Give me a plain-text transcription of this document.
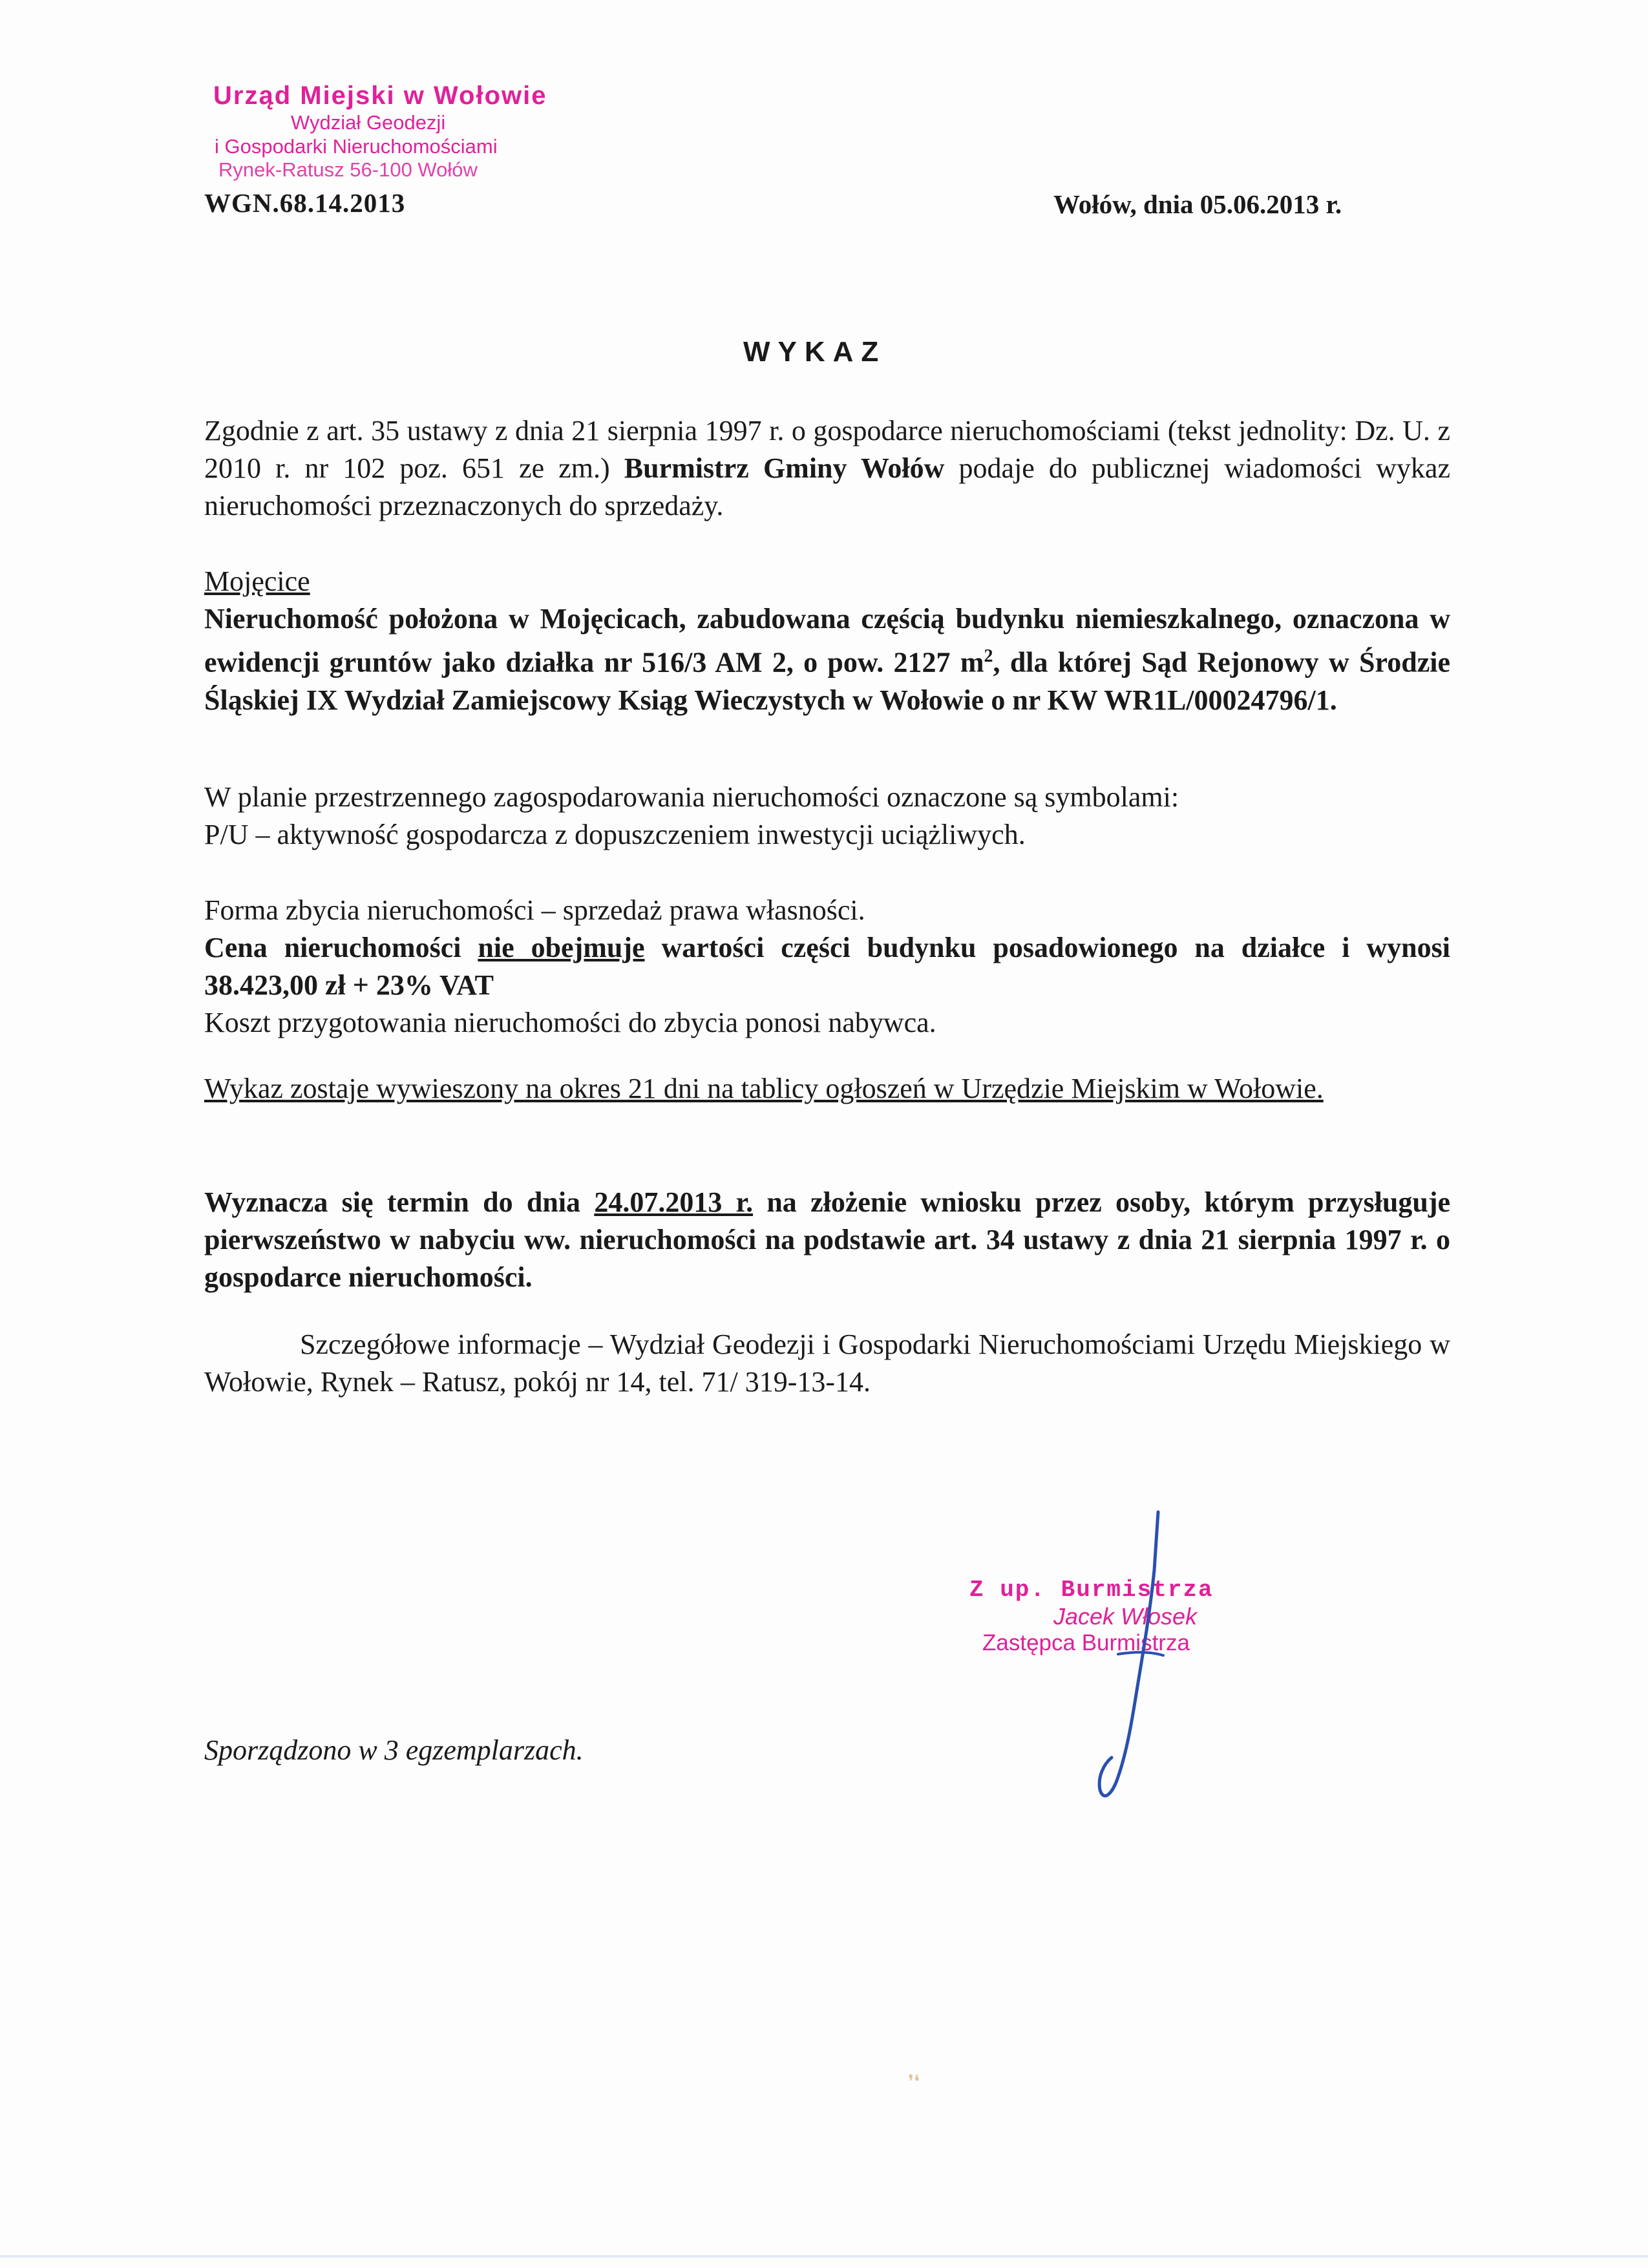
Urząd Miejski w Wołowie
Wydział Geodezji
i Gospodarki Nieruchomościami
Rynek-Ratusz 56-100 Wołów
WGN.68.14.2013	Wołów, dnia 05.06.2013 r.
WYKAZ

Zgodnie z art. 35 ustawy z dnia 21 sierpnia 1997 r. o gospodarce nieruchomościami (tekst jednolity: Dz. U. z 2010 r. nr 102 poz. 651 ze zm.) Burmistrz Gminy Wołów podaje do publicznej wiadomości wykaz nieruchomości przeznaczonych do sprzedaży.

Mojęcice

Nieruchomość położona w Mojęcicach, zabudowana częścią budynku niemieszkalnego, oznaczona w ewidencji gruntów jako działka nr 516/3 AM 2, o pow. 2127 $m^2$, dla której Sąd Rejonowy w Środzie Śląskiej IX Wydział Zamiejscowy Ksiąg Wieczystych w Wołowie o nr KW WR1L/00024796/1.

W planie przestrzennego zagospodarowania nieruchomości oznaczone są symbolami:

P/U – aktywność gospodarcza z dopuszczeniem inwestycji uciążliwych.

Forma zbycia nieruchomości – sprzedaż prawa własności.

Cena nieruchomości nie obejmuje wartości części budynku posadowionego na działce i wynosi 38.423,00 zł + 23% VAT

Koszt przygotowania nieruchomości do zbycia ponosi nabywca.

Wykaz zostaje wywieszony na okres 21 dni na tablicy ogłoszeń w Urzędzie Miejskim w Wołowie.

Wyznacza się termin do dnia 24.07.2013 r. na złożenie wniosku przez osoby, którym przysługuje pierwszeństwo w nabyciu ww. nieruchomości na podstawie art. 34 ustawy z dnia 21 sierpnia 1997 r. o gospodarce nieruchomości.

Szczegółowe informacje – Wydział Geodezji i Gospodarki Nieruchomościami Urzędu Miejskiego w Wołowie, Rynek – Ratusz, pokój nr 14, tel. 71/ 319-13-14.
Z up. Burmistrza
Jacek Włosek
Zastępca Burmistrza
Sporządzono w 3 egzemplarzach.
❜❛
